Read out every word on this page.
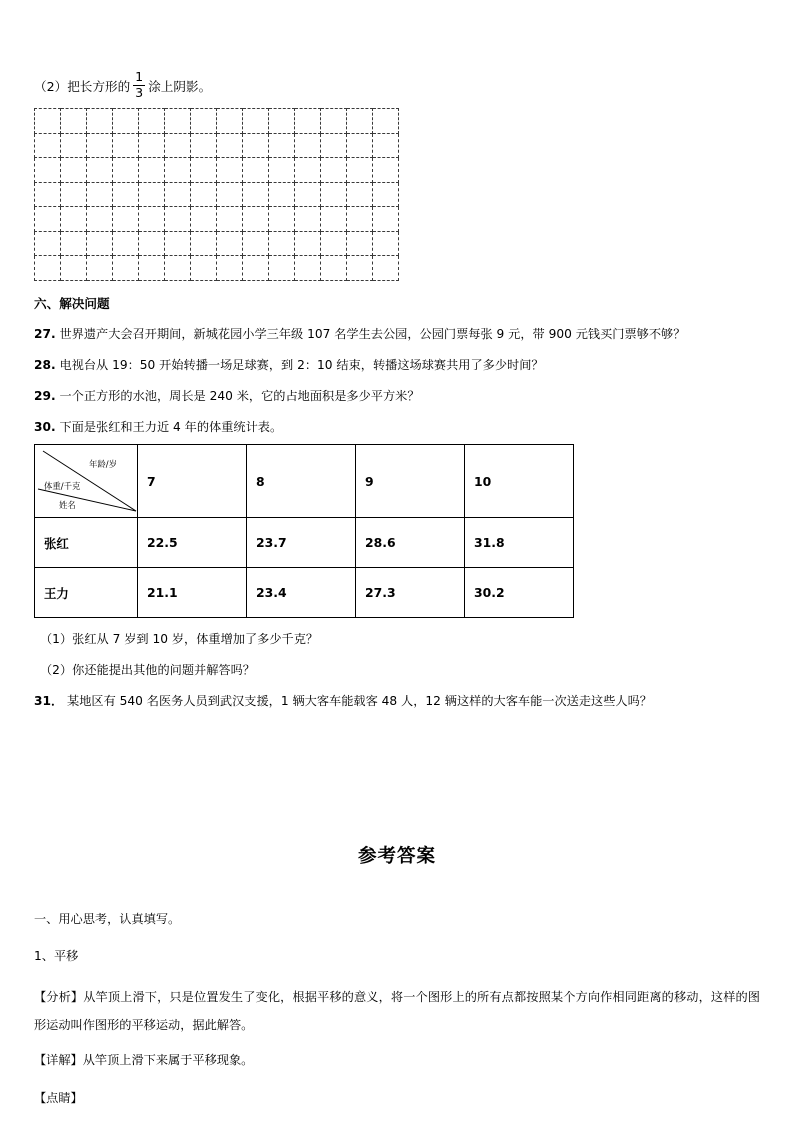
（2） 把长方形的 $\frac{1}{3}$ 涂上阴影。

六、解决问题
27. 世界遗产大会召开期间，新城花园小学三年级 107 名学生去公园，公园门票每张 9 元，带 900 元钱买门票够不够？
28. 电视台从 19：50 开始转播一场足球赛，到 2：10 结束，转播这场球赛共用了多少时间？
29. 一个正方形的水池，周长是 240 米，它的占地面积是多少平方米？
30. 下面是张红和王力近 4 年的体重统计表。
年龄/岁
体重/千克
姓名	7	8	9	10
张红	22.5	23.7	28.6	31.8
王力	21.1	23.4	27.3	30.2
（1）张红从 7 岁到 10 岁，体重增加了多少千克？
（2）你还能提出其他的问题并解答吗？
31． 某地区有 540 名医务人员到武汉支援，1 辆大客车能载客 48 人，12 辆这样的大客车能一次送走这些人吗？
参考答案
一、用心思考，认真填写。
1、平移
【分析】从竿顶上滑下，只是位置发生了变化，根据平移的意义，将一个图形上的所有点都按照某个方向作相同距离的移动，这样的图形运动叫作图形的平移运动，据此解答。
【详解】从竿顶上滑下来属于平移现象。
【点睛】
